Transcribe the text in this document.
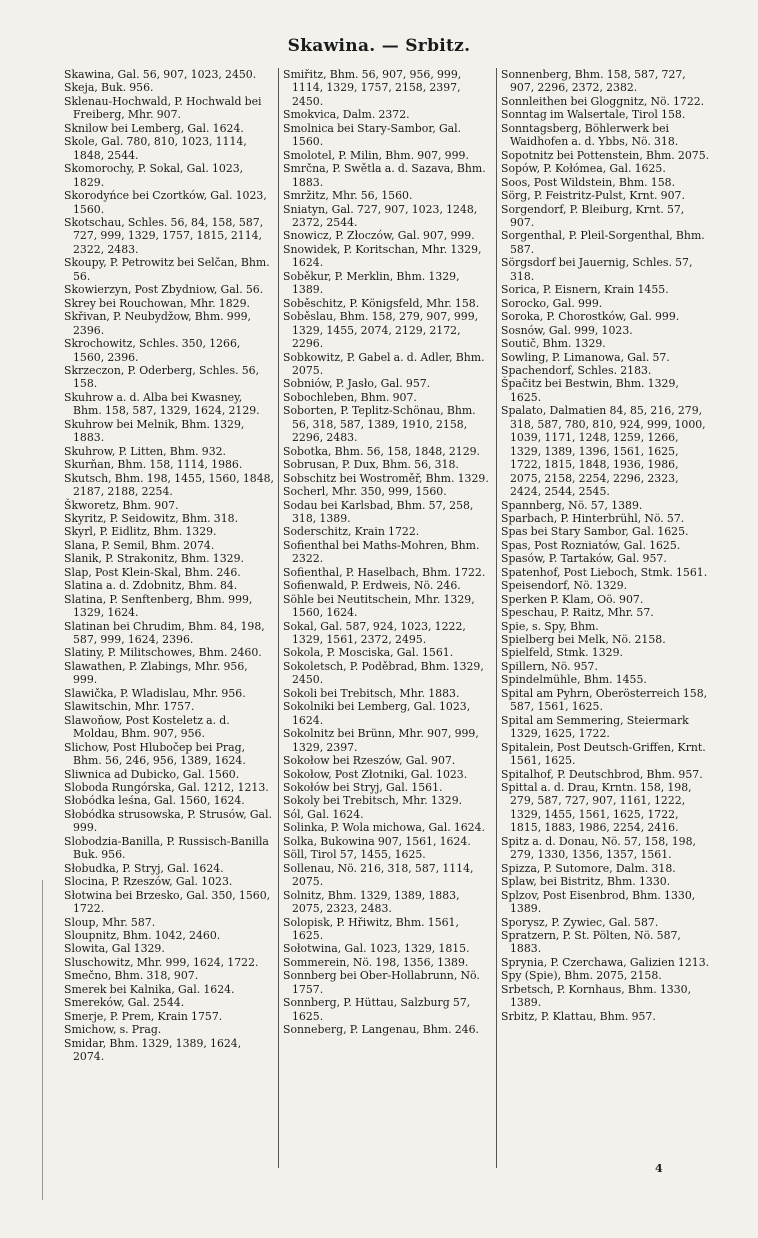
Skawina. — Srbitz.

Skawina, Gal. 56, 907, 1023, 2450.

Skeja, Buk. 956.

Sklenau-Hochwald, P. Hochwald bei Freiberg, Mhr. 907.

Sknilow bei Lemberg, Gal. 1624.

Skole, Gal. 780, 810, 1023, 1114, 1848, 2544.

Skomorochy, P. Sokal, Gal. 1023, 1829.

Skorodyńce bei Czortków, Gal. 1023, 1560.

Skotschau, Schles. 56, 84, 158, 587, 727, 999, 1329, 1757, 1815, 2114, 2322, 2483.

Skoupy, P. Petrowitz bei Selčan, Bhm. 56.

Skowierzyn, Post Zbydniow, Gal. 56.

Skrey bei Rouchowan, Mhr. 1829.

Skřivan, P. Neubydžow, Bhm. 999, 2396.

Skrochowitz, Schles. 350, 1266, 1560, 2396.

Skrzeczon, P. Oderberg, Schles. 56, 158.

Skuhrow a. d. Alba bei Kwasney, Bhm. 158, 587, 1329, 1624, 2129.

Skuhrow bei Melnik, Bhm. 1329, 1883.

Skuhrow, P. Litten, Bhm. 932.

Skurňan, Bhm. 158, 1114, 1986.

Skutsch, Bhm. 198, 1455, 1560, 1848, 2187, 2188, 2254.

Škworetz, Bhm. 907.

Skyritz, P. Seidowitz, Bhm. 318.

Skyrl, P. Eidlitz, Bhm. 1329.

Slana, P. Semil, Bhm. 2074.

Slanik, P. Strakonitz, Bhm. 1329.

Slap, Post Klein-Skal, Bhm. 246.

Slatina a. d. Zdobnitz, Bhm. 84.

Slatina, P. Senftenberg, Bhm. 999, 1329, 1624.

Slatinan bei Chrudim, Bhm. 84, 198, 587, 999, 1624, 2396.

Slatiny, P. Militschowes, Bhm. 2460.

Slawathen, P. Zlabings, Mhr. 956, 999.

Slawička, P. Wladislau, Mhr. 956.

Slawitschin, Mhr. 1757.

Slawoňow, Post Kosteletz a. d. Moldau, Bhm. 907, 956.

Slichow, Post Hlubočep bei Prag, Bhm. 56, 246, 956, 1389, 1624.

Sliwnica ad Dubicko, Gal. 1560.

Sloboda Rungórska, Gal. 1212, 1213.

Słobódka leśna, Gal. 1560, 1624.

Słobódka strusowska, P. Strusów, Gal. 999.

Slobodzia-Banilla, P. Russisch-Banilla Buk. 956.

Słobudka, P. Stryj, Gal. 1624.

Slocina, P. Rzeszów, Gal. 1023.

Słotwina bei Brzesko, Gal. 350, 1560, 1722.

Sloup, Mhr. 587.

Sloupnitz, Bhm. 1042, 2460.

Slowita, Gal 1329.

Sluschowitz, Mhr. 999, 1624, 1722.

Smečno, Bhm. 318, 907.

Smerek bei Kalnika, Gal. 1624.

Smereków, Gal. 2544.

Smerje, P. Prem, Krain 1757.

Smichow, s. Prag.

Smidar, Bhm. 1329, 1389, 1624, 2074.

Smiřitz, Bhm. 56, 907, 956, 999, 1114, 1329, 1757, 2158, 2397, 2450.

Smokvica, Dalm. 2372.

Smolnica bei Stary-Sambor, Gal. 1560.

Smolotel, P. Milin, Bhm. 907, 999.

Smrčna, P. Swětla a. d. Sazava, Bhm. 1883.

Smržitz, Mhr. 56, 1560.

Sniatyn, Gal. 727, 907, 1023, 1248, 2372, 2544.

Snowicz, P. Złoczów, Gal. 907, 999.

Snowidek, P. Koritschan, Mhr. 1329, 1624.

Soběkur, P. Merklin, Bhm. 1329, 1389.

Soběschitz, P. Königsfeld, Mhr. 158.

Soběslau, Bhm. 158, 279, 907, 999, 1329, 1455, 2074, 2129, 2172, 2296.

Sobkowitz, P. Gabel a. d. Adler, Bhm. 2075.

Sobniów, P. Jasło, Gal. 957.

Sobochleben, Bhm. 907.

Soborten, P. Teplitz-Schönau, Bhm. 56, 318, 587, 1389, 1910, 2158, 2296, 2483.

Sobotka, Bhm. 56, 158, 1848, 2129.

Sobrusan, P. Dux, Bhm. 56, 318.

Sobschitz bei Wostroměř, Bhm. 1329.

Socherl, Mhr. 350, 999, 1560.

Sodau bei Karlsbad, Bhm. 57, 258, 318, 1389.

Soderschitz, Krain 1722.

Sofienthal bei Maths-Mohren, Bhm. 2322.

Sofienthal, P. Haselbach, Bhm. 1722.

Sofienwald, P. Erdweis, Nö. 246.

Söhle bei Neutitschein, Mhr. 1329, 1560, 1624.

Sokal, Gal. 587, 924, 1023, 1222, 1329, 1561, 2372, 2495.

Sokola, P. Mosciska, Gal. 1561.

Sokoletsch, P. Poděbrad, Bhm. 1329, 2450.

Sokoli bei Trebitsch, Mhr. 1883.

Sokolniki bei Lemberg, Gal. 1023, 1624.

Sokolnitz bei Brünn, Mhr. 907, 999, 1329, 2397.

Sokołow bei Rzeszów, Gal. 907.

Sokołow, Post Złotniki, Gal. 1023.

Sokołów bei Stryj, Gal. 1561.

Sokoly bei Trebitsch, Mhr. 1329.

Sól, Gal. 1624.

Solinka, P. Wola michowa, Gal. 1624.

Solka, Bukowina 907, 1561, 1624.

Söll, Tirol 57, 1455, 1625.

Sollenau, Nö. 216, 318, 587, 1114, 2075.

Solnitz, Bhm. 1329, 1389, 1883, 2075, 2323, 2483.

Solopisk, P. Hřiwitz, Bhm. 1561, 1625.

Sołotwina, Gal. 1023, 1329, 1815.

Sommerein, Nö. 198, 1356, 1389.

Sonnberg bei Ober-Hollabrunn, Nö. 1757.

Sonnberg, P. Hüttau, Salzburg 57, 1625.

Sonneberg, P. Langenau, Bhm. 246.

Sonnenberg, Bhm. 158, 587, 727, 907, 2296, 2372, 2382.

Sonnleithen bei Gloggnitz, Nö. 1722.

Sonntag im Walsertale, Tirol 158.

Sonntagsberg, Böhlerwerk bei Waidhofen a. d. Ybbs, Nö. 318.

Sopotnitz bei Pottenstein, Bhm. 2075.

Sopów, P. Kołómea, Gal. 1625.

Soos, Post Wildstein, Bhm. 158.

Sörg, P. Feistritz-Pulst, Krnt. 907.

Sorgendorf, P. Bleiburg, Krnt. 57, 907.

Sorgenthal, P. Pleil-Sorgenthal, Bhm. 587.

Sörgsdorf bei Jauernig, Schles. 57, 318.

Sorica, P. Eisnern, Krain 1455.

Sorocko, Gal. 999.

Soroka, P. Chorostków, Gal. 999.

Sosnów, Gal. 999, 1023.

Soutič, Bhm. 1329.

Sowling, P. Limanowa, Gal. 57.

Spachendorf, Schles. 2183.

Špačitz bei Bestwin, Bhm. 1329, 1625.

Spalato, Dalmatien 84, 85, 216, 279, 318, 587, 780, 810, 924, 999, 1000, 1039, 1171, 1248, 1259, 1266, 1329, 1389, 1396, 1561, 1625, 1722, 1815, 1848, 1936, 1986, 2075, 2158, 2254, 2296, 2323, 2424, 2544, 2545.

Spannberg, Nö. 57, 1389.

Sparbach, P. Hinterbrühl, Nö. 57.

Spas bei Stary Sambor, Gal. 1625.

Spas, Post Rozniatów, Gal. 1625.

Spasów, P. Tartaków, Gal. 957.

Spatenhof, Post Lieboch, Stmk. 1561.

Speisendorf, Nö. 1329.

Sperken P. Klam, Oö. 907.

Speschau, P. Raitz, Mhr. 57.

Spie, s. Spy, Bhm.

Spielberg bei Melk, Nö. 2158.

Spielfeld, Stmk. 1329.

Spillern, Nö. 957.

Spindelmühle, Bhm. 1455.

Spital am Pyhrn, Oberösterreich 158, 587, 1561, 1625.

Spital am Semmering, Steiermark 1329, 1625, 1722.

Spitalein, Post Deutsch-Griffen, Krnt. 1561, 1625.

Spitalhof, P. Deutschbrod, Bhm. 957.

Spittal a. d. Drau, Krntn. 158, 198, 279, 587, 727, 907, 1161, 1222, 1329, 1455, 1561, 1625, 1722, 1815, 1883, 1986, 2254, 2416.

Spitz a. d. Donau, Nö. 57, 158, 198, 279, 1330, 1356, 1357, 1561.

Spizza, P. Sutomore, Dalm. 318.

Splaw, bei Bistritz, Bhm. 1330.

Splzov, Post Eisenbrod, Bhm. 1330, 1389.

Sporysz, P. Zywiec, Gal. 587.

Spratzern, P. St. Pölten, Nö. 587, 1883.

Sprynia, P. Czerchawa, Galizien 1213.

Spy (Spie), Bhm. 2075, 2158.

Srbetsch, P. Kornhaus, Bhm. 1330, 1389.

Srbitz, P. Klattau, Bhm. 957.

4
